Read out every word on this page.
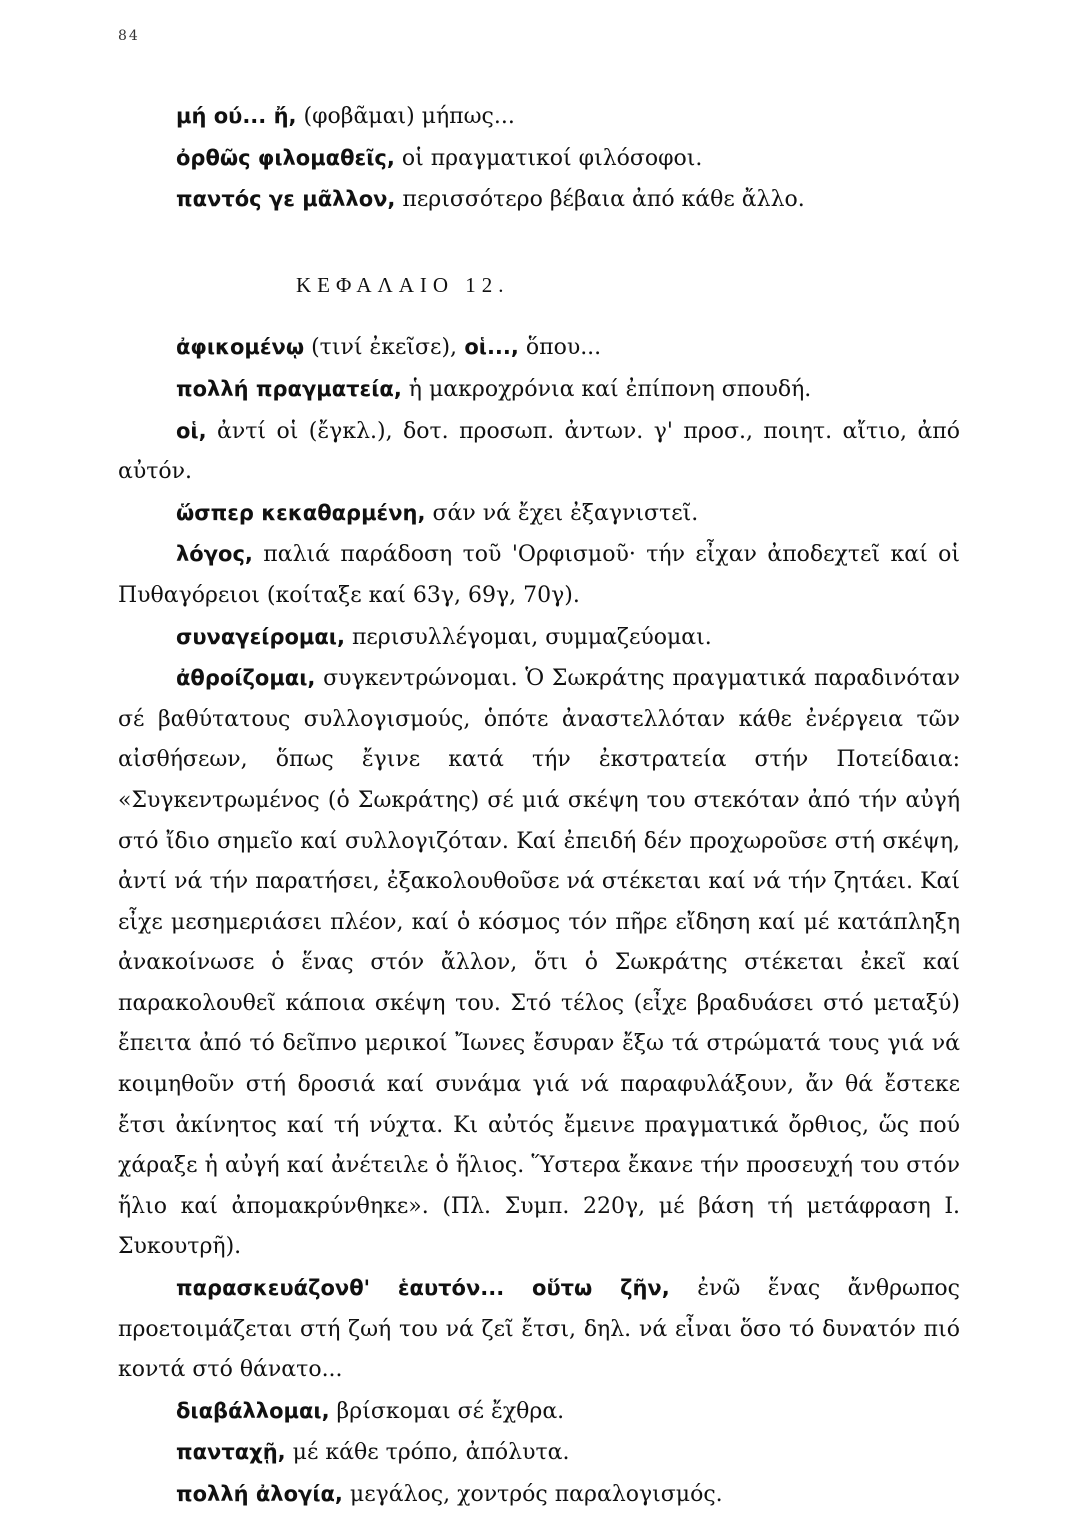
84

μή ού... ἤ, (φοβᾶμαι) μήπως...

ὀρθῶς φιλομαθεῖς, οἱ πραγματικοί φιλόσοφοι.

παντός γε μᾶλλον, περισσότερο βέβαια ἀπό κάθε ἄλλο.

ΚΕΦΑΛΑΙΟ 12.

ἀφικομένῳ (τινί ἐκεῖσε), οἱ..., ὅπου...

πολλή πραγματεία, ἡ μακροχρόνια καί ἐπίπονη σπουδή.

οἱ, ἀντί οἱ (ἔγκλ.), δοτ. προσωπ. ἀντων. γ' προσ., ποιητ. αἴτιο, ἀπό αὐτόν.

ὥσπερ κεκαθαρμένη, σάν νά ἔχει ἐξαγνιστεῖ.

λόγος, παλιά παράδοση τοῦ 'Ορφισμοῦ· τήν εἶχαν ἀποδεχτεῖ καί οἱ Πυθαγόρειοι (κοίταξε καί 63γ, 69γ, 70γ).

συναγείρομαι, περισυλλέγομαι, συμμαζεύομαι.

ἀθροίζομαι, συγκεντρώνομαι. Ὁ Σωκράτης πραγματικά παραδινόταν σέ βαθύτατους συλλογισμούς, ὁπότε ἀναστελλόταν κάθε ἐνέργεια τῶν αἰσθήσεων, ὅπως ἔγινε κατά τήν ἐκστρατεία στήν Ποτείδαια: «Συγκεντρωμένος (ὁ Σωκράτης) σέ μιά σκέψη του στεκόταν ἀπό τήν αὐγή στό ἴδιο σημεῖο καί συλλογιζόταν. Καί ἐπειδή δέν προχωροῦσε στή σκέψη, ἀντί νά τήν παρατήσει, ἐξακολουθοῦσε νά στέκεται καί νά τήν ζητάει. Καί εἶχε μεσημεριάσει πλέον, καί ὁ κόσμος τόν πῆρε εἴδηση καί μέ κατάπληξη ἀνακοίνωσε ὁ ἕνας στόν ἄλλον, ὅτι ὁ Σωκράτης στέκεται ἐκεῖ καί παρακολουθεῖ κάποια σκέψη του. Στό τέλος (εἶχε βραδυάσει στό μεταξύ) ἔπειτα ἀπό τό δεῖπνο μερικοί Ἴωνες ἔσυραν ἔξω τά στρώματά τους γιά νά κοιμηθοῦν στή δροσιά καί συνάμα γιά νά παραφυλάξουν, ἄν θά ἔστεκε ἔτσι ἀκίνητος καί τή νύχτα. Κι αὐτός ἔμεινε πραγματικά ὄρθιος, ὥς πού χάραξε ἡ αὐγή καί ἀνέτειλε ὁ ἥλιος. Ὕστερα ἔκανε τήν προσευχή του στόν ἥλιο καί ἀπομακρύνθηκε». (Πλ. Συμπ. 220γ, μέ βάση τή μετάφραση Ι. Συκουτρῆ).

παρασκευάζονθ' ἑαυτόν... οὕτω ζῆν, ἐνῶ ἕνας ἄνθρωπος προετοιμάζεται στή ζωή του νά ζεῖ ἔτσι, δηλ. νά εἶναι ὅσο τό δυνατόν πιό κοντά στό θάνατο...

διαβάλλομαι, βρίσκομαι σέ ἔχθρα.

πανταχῇ, μέ κάθε τρόπο, ἀπόλυτα.

πολλή ἀλογία, μεγάλος, χοντρός παραλογισμός.
